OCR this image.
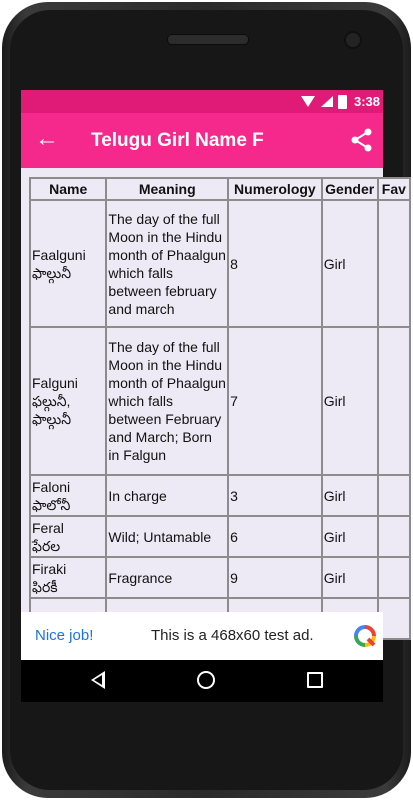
3:38
← Telugu Girl Name F
Name	Meaning	Numerology	Gender	Fav
Faalguni
ఫాల్గునీ	The day of the full Moon in the Hindu month of Phaalgun which falls between february and march	8	Girl	
Falguni
ఫల్గునీ, ఫాల్గునీ	The day of the full Moon in the Hindu month of Phaalgun which falls between February and March; Born in Falgun	7	Girl	
Faloni
ఫాలోనీ	In charge	3	Girl	
Feral
ఫేరల	Wild; Untamable	6	Girl	
Firaki
ఫిరకీ	Fragrance	9	Girl	

Nice job!	This is a 468x60 test ad.
